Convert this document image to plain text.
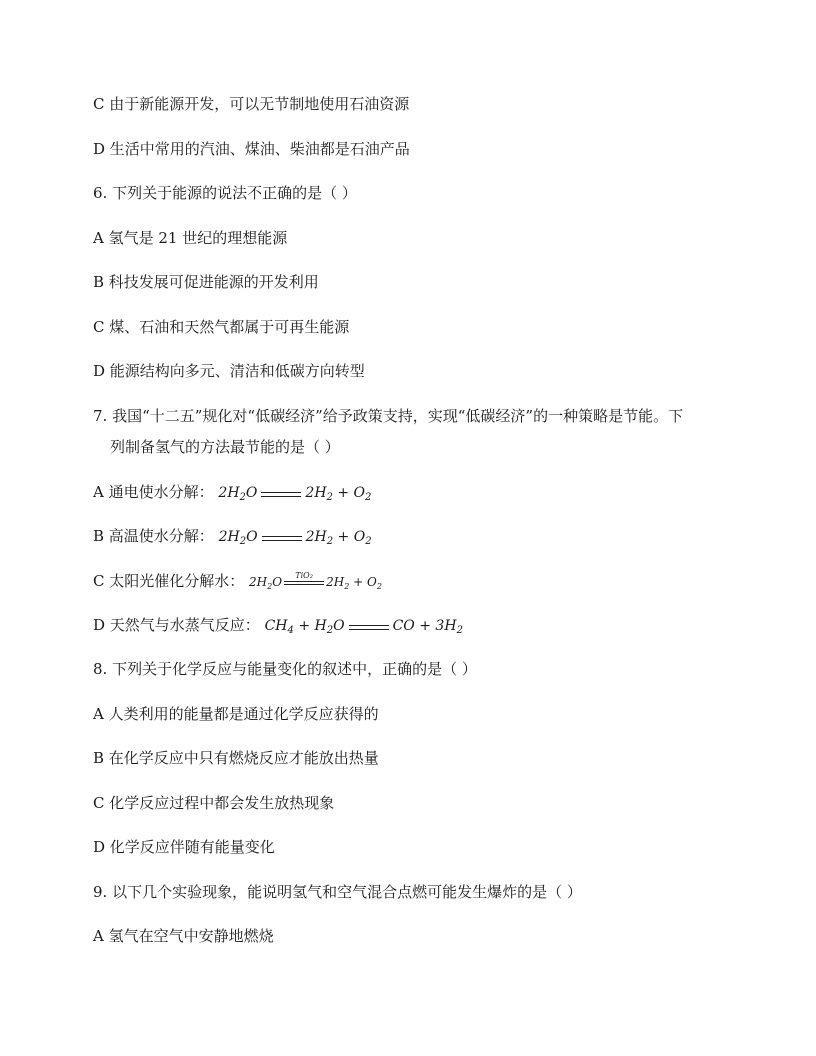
C 由于新能源开发，可以无节制地使用石油资源
D 生活中常用的汽油、煤油、柴油都是石油产品
6. 下列关于能源的说法不正确的是（ ）
A 氢气是 21 世纪的理想能源
B 科技发展可促进能源的开发利用
C 煤、石油和天然气都属于可再生能源
D 能源结构向多元、清洁和低碳方向转型
7. 我国“十二五”规化对“低碳经济”给予政策支持，实现“低碳经济”的一种策略是节能。下
列制备氢气的方法最节能的是（ ）
A 通电使水分解： $2H_2O$	$2H_2 + O_2$
B 高温使水分解： $2H_2O$	$2H_2 + O_2$
C 太阳光催化分解水： $2H_2O$	TiO₂	$2H_2 + O_2$
D 天然气与水蒸气反应： $CH_4 + H_2O$	CO + $3H_2$
8. 下列关于化学反应与能量变化的叙述中，正确的是（ ）
A 人类利用的能量都是通过化学反应获得的
B 在化学反应中只有燃烧反应才能放出热量
C 化学反应过程中都会发生放热现象
D 化学反应伴随有能量变化
9. 以下几个实验现象，能说明氢气和空气混合点燃可能发生爆炸的是（ ）
A 氢气在空气中安静地燃烧
